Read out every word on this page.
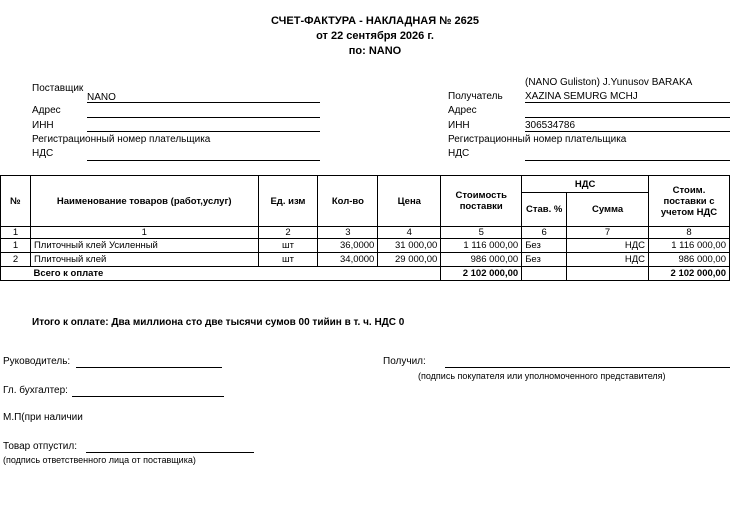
СЧЕТ-ФАКТУРА - НАКЛАДНАЯ № 2625
от 22 сентября 2026 г.
по: NANO
Поставщик
NANO
Адрес
ИНН
Регистрационный номер плательщика
НДС
(NANO Guliston) J.Yunusov BARAKA
Получатель XAZINA SEMURG MCHJ
Адрес
ИНН	306534786
Регистрационный номер плательщика
НДС
№	Наименование товаров (работ,услуг)	Ед. изм	Кол-во	Цена	Стоимость поставки	НДС		Стоим. поставки с учетом НДС
						Став. %	Сумма	
1	1	2	3	4	5	6	7	8
1	Плиточный клей Усиленный	шт	36,0000	31 000,00	1 116 000,00	Без	НДС	1 116 000,00
2	Плиточный клей	шт	34,0000	29 000,00	986 000,00	Без	НДС	986 000,00
	Всего к оплате				2 102 000,00			2 102 000,00
Итого к оплате: Два миллиона сто две тысячи сумов 00 тийин в т. ч. НДС 0
Руководитель:	Получил:
(подпись покупателя или уполномоченного представителя)
Гл. бухгалтер:
М.П(при наличии
Товар отпустил:
(подпись ответственного лица от поставщика)
